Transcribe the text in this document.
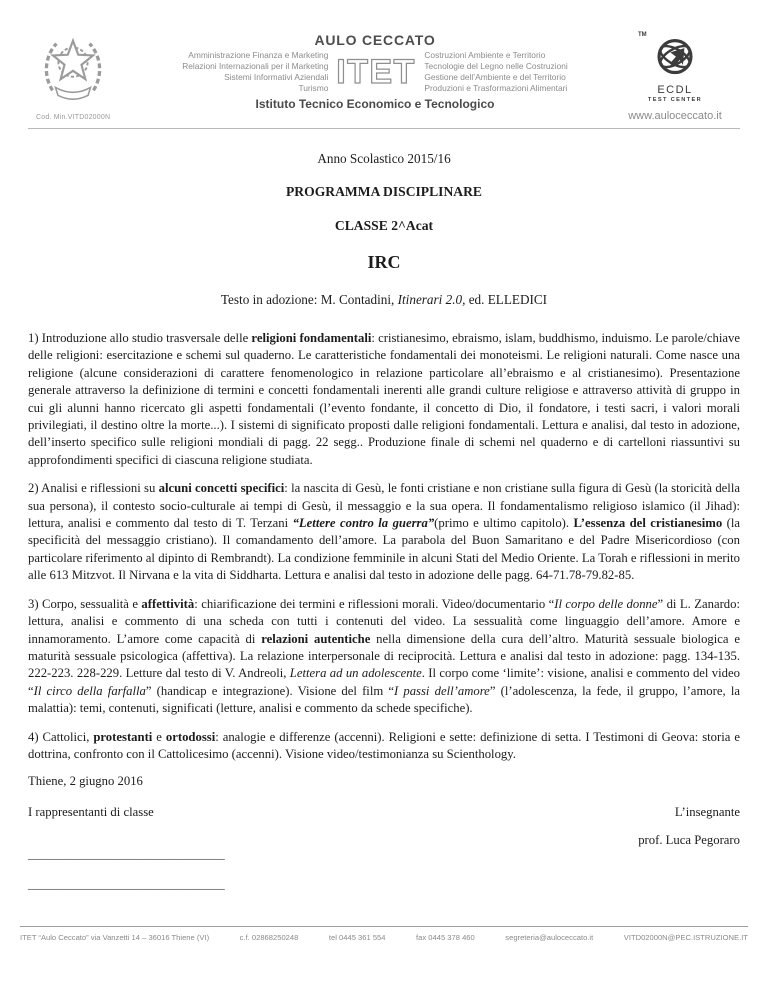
Cod. Min.VITD02000N
AULO CECCATO
Amministrazione Finanza e Marketing
Relazioni Internazionali per il Marketing
Sistemi Informativi Aziendali
Turismo ITET Costruzioni Ambiente e Territorio
Tecnologie del Legno nelle Costruzioni
Gestione dell’Ambiente e del Territorio
Produzioni e Trasformazioni Alimentari
Istituto Tecnico Economico e Tecnologico
TM
ECDL
TEST CENTER
www.auloceccato.it
Anno Scolastico 2015/16
PROGRAMMA DISCIPLINARE
CLASSE 2^Acat
IRC
Testo in adozione: M. Contadini, Itinerari 2.0, ed. ELLEDICI

1) Introduzione allo studio trasversale delle religioni fondamentali: cristianesimo, ebraismo, islam, buddhismo, induismo. Le parole/chiave delle religioni: esercitazione e schemi sul quaderno. Le caratteristiche fondamentali dei monoteismi. Le religioni naturali. Come nasce una religione (alcune considerazioni di carattere fenomenologico in relazione particolare all’ebraismo e al cristianesimo). Presentazione generale attraverso la definizione di termini e concetti fondamentali inerenti alle grandi culture religiose e attraverso attività di gruppo in cui gli alunni hanno ricercato gli aspetti fondamentali (l’evento fondante, il concetto di Dio, il fondatore, i testi sacri, i valori morali privilegiati, il destino oltre la morte...). I sistemi di significato proposti dalle religioni fondamentali. Lettura e analisi, dal testo in adozione, dell’inserto specifico sulle religioni mondiali di pagg. 22 segg.. Produzione finale di schemi nel quaderno e di cartelloni riassuntivi su approfondimenti specifici di ciascuna religione studiata.

2) Analisi e riflessioni su alcuni concetti specifici: la nascita di Gesù, le fonti cristiane e non cristiane sulla figura di Gesù (la storicità della sua persona), il contesto socio-culturale ai tempi di Gesù, il messaggio e la sua opera. Il fondamentalismo religioso islamico (il Jihad): lettura, analisi e commento dal testo di T. Terzani “Lettere contro la guerra”(primo e ultimo capitolo). L’essenza del cristianesimo (la specificità del messaggio cristiano). Il comandamento dell’amore. La parabola del Buon Samaritano e del Padre Misericordioso (con particolare riferimento al dipinto di Rembrandt). La condizione femminile in alcuni Stati del Medio Oriente. La Torah e riflessioni in merito alle 613 Mitzvot. Il Nirvana e la vita di Siddharta. Lettura e analisi dal testo in adozione delle pagg. 64-71.78-79.82-85.

3) Corpo, sessualità e affettività: chiarificazione dei termini e riflessioni morali. Video/documentario “Il corpo delle donne” di L. Zanardo: lettura, analisi e commento di una scheda con tutti i contenuti del video. La sessualità come linguaggio dell’amore. Amore e innamoramento. L’amore come capacità di relazioni autentiche nella dimensione della cura dell’altro. Maturità sessuale biologica e maturità sessuale psicologica (affettiva). La relazione interpersonale di reciprocità. Lettura e analisi dal testo in adozione: pagg. 134-135. 222-223. 228-229. Letture dal testo di V. Andreoli, Lettera ad un adolescente. Il corpo come ‘limite’: visione, analisi e commento del video “Il circo della farfalla” (handicap e integrazione). Visione del film “I passi dell’amore” (l’adolescenza, la fede, il gruppo, l’amore, la malattia): temi, contenuti, significati (letture, analisi e commento da schede specifiche).

4) Cattolici, protestanti e ortodossi: analogie e differenze (accenni). Religioni e sette: definizione di setta. I Testimoni di Geova: storia e dottrina, confronto con il Cattolicesimo (accenni). Visione video/testimonianza su Scienthology.

Thiene, 2 giugno 2016
I rappresentanti di classe
_______________________________
_______________________________
L’insegnante
prof. Luca Pegoraro
ITET “Aulo Ceccato” via Vanzetti 14 – 36016 Thiene (VI)	c.f. 02868250248	tel 0445 361 554	fax 0445 378 460	segreteria@auloceccato.it	VITD02000N@PEC.ISTRUZIONE.IT
